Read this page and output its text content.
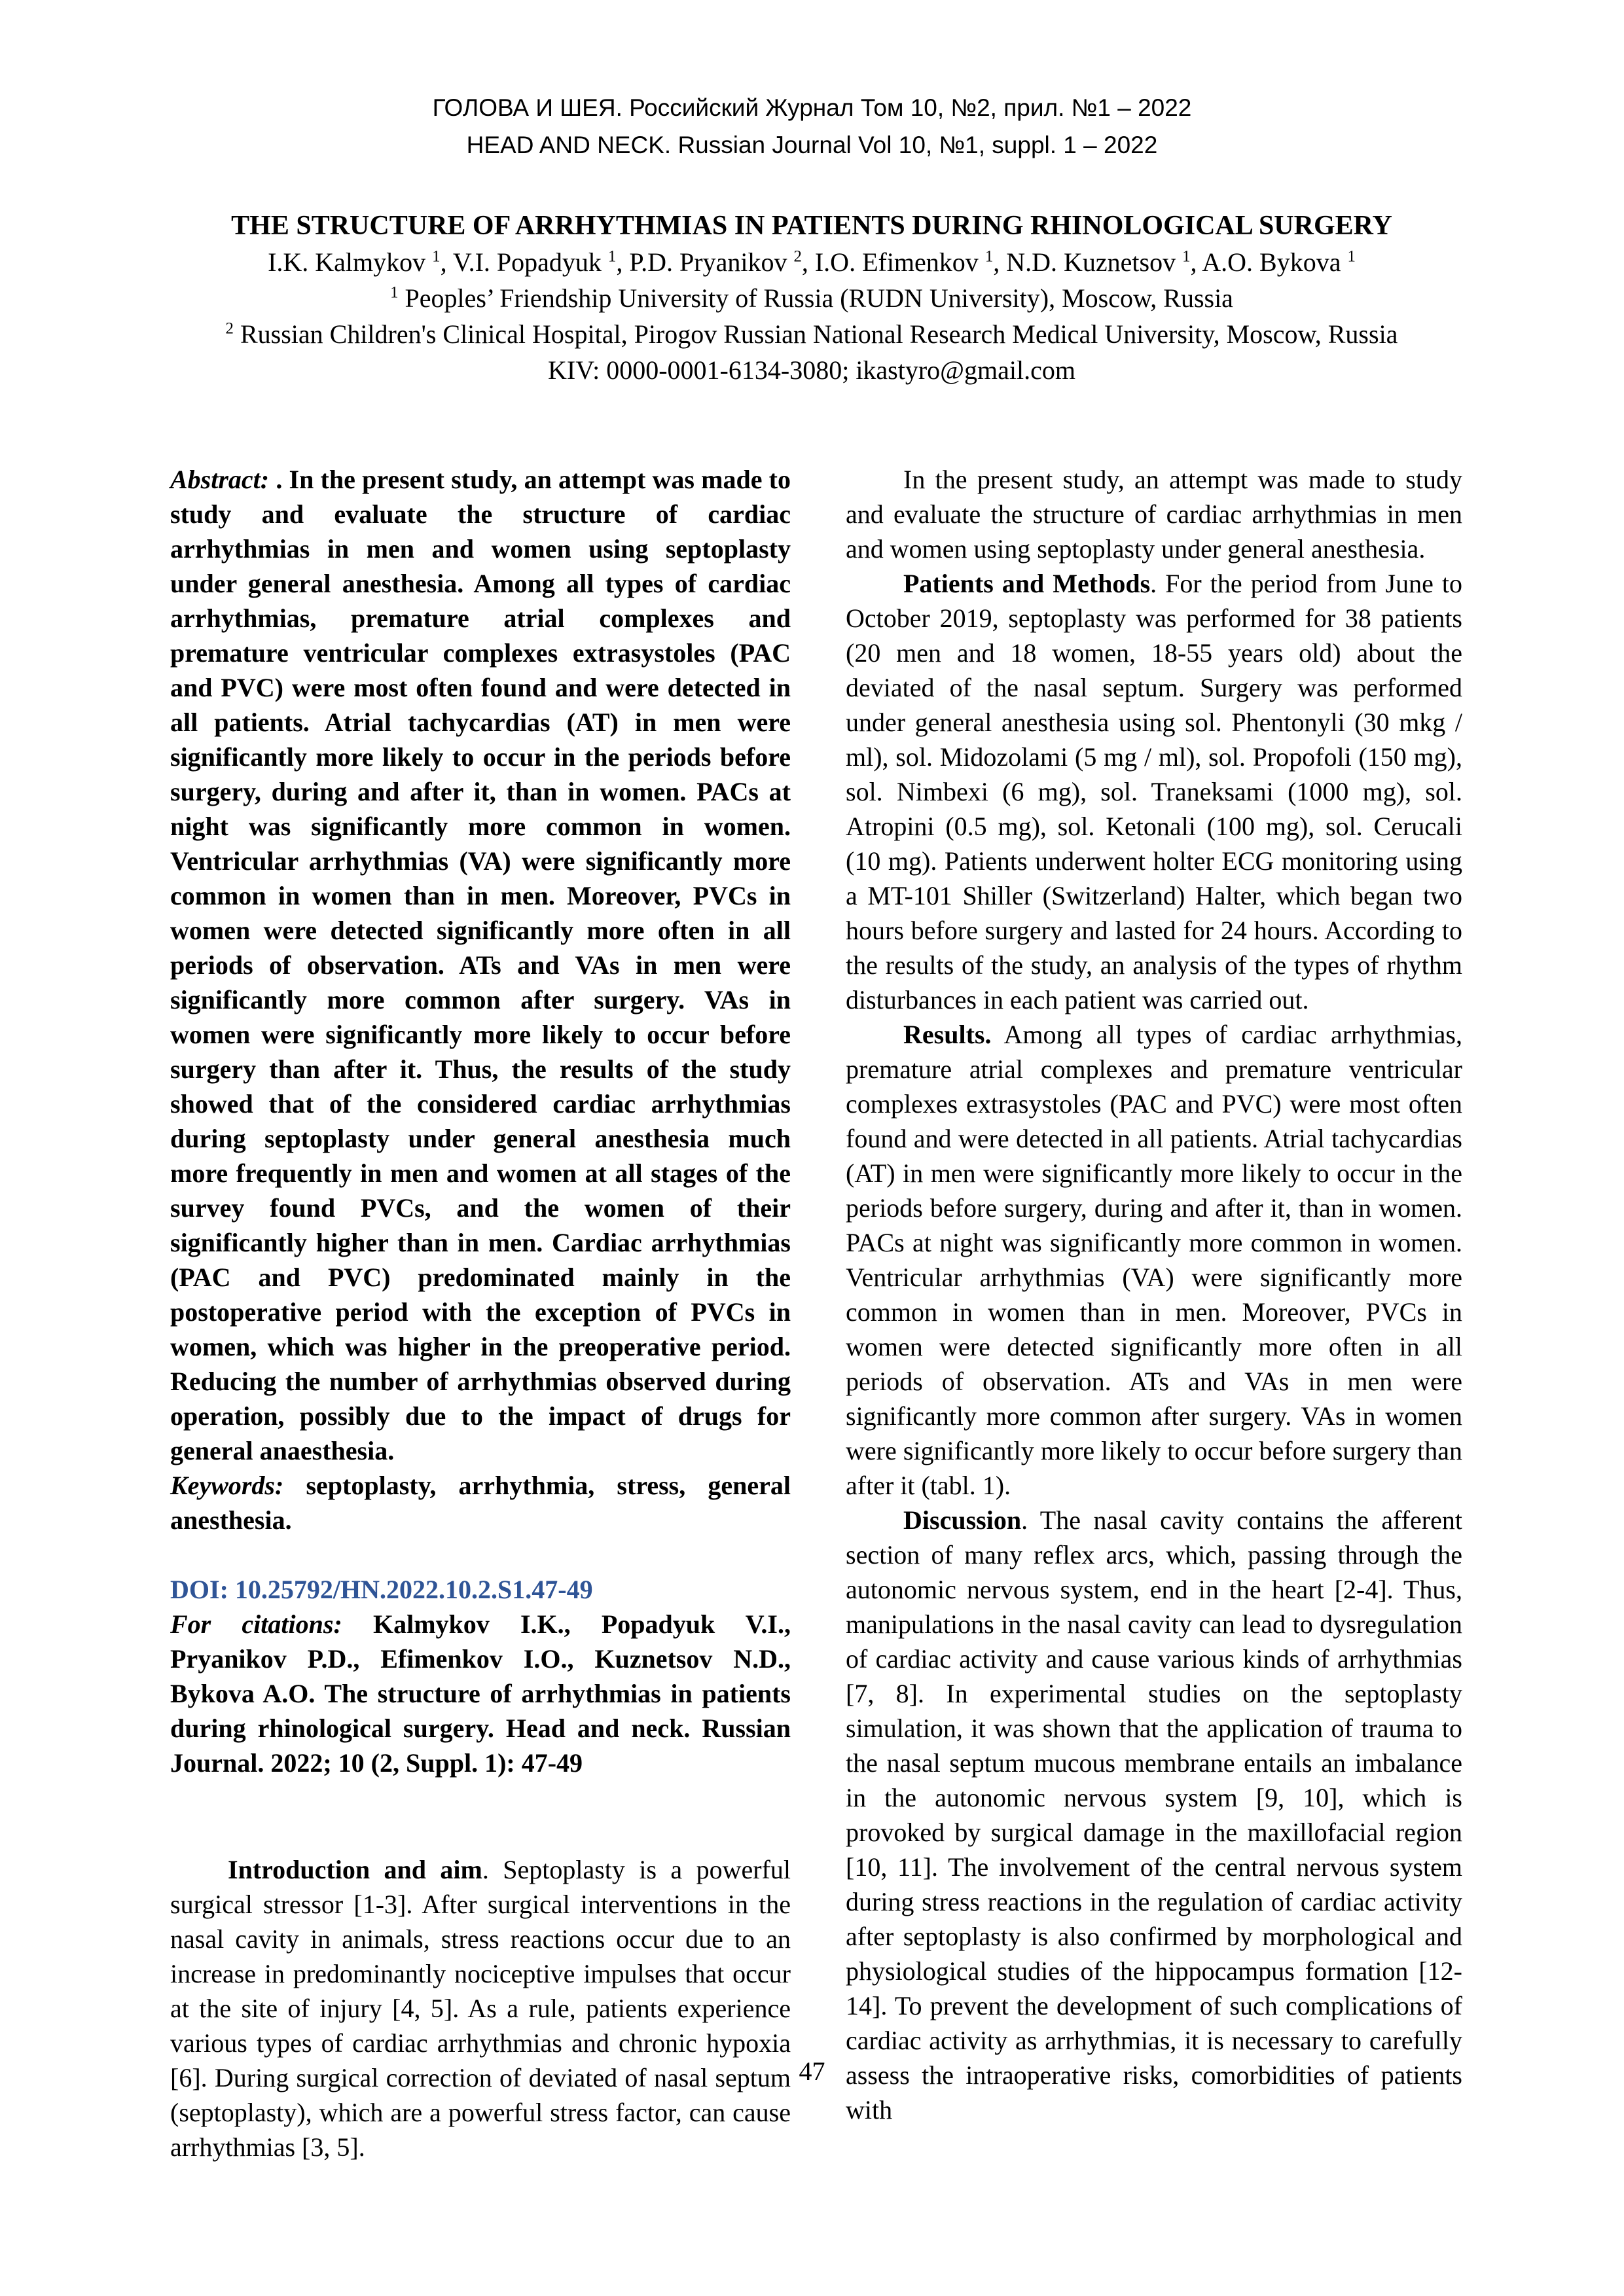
ГОЛОВА И ШЕЯ. Российский Журнал Том 10, №2, прил. №1 – 2022
HEAD AND NECK. Russian Journal Vol 10, №1, suppl. 1 – 2022
THE STRUCTURE OF ARRHYTHMIAS IN PATIENTS DURING RHINOLOGICAL SURGERY
I.K. Kalmykov $^1$, V.I. Popadyuk $^1$, P.D. Pryanikov $^2$, I.O. Efimenkov $^1$, N.D. Kuznetsov $^1$, A.O. Bykova $^1$
$^1$ Peoples’ Friendship University of Russia (RUDN University), Moscow, Russia
$^2$ Russian Children's Clinical Hospital, Pirogov Russian National Research Medical University, Moscow, Russia
KIV: 0000-0001-6134-3080; ikastyro@gmail.com

Abstract: . In the present study, an attempt was made to study and evaluate the structure of cardiac arrhythmias in men and women using septoplasty under general anesthesia. Among all types of cardiac arrhythmias, premature atrial complexes and premature ventricular complexes extrasystoles (PAC and PVC) were most often found and were detected in all patients. Atrial tachycardias (AT) in men were significantly more likely to occur in the periods before surgery, during and after it, than in women. PACs at night was significantly more common in women. Ventricular arrhythmias (VA) were significantly more common in women than in men. Moreover, PVCs in women were detected significantly more often in all periods of observation. ATs and VAs in men were significantly more common after surgery. VAs in women were significantly more likely to occur before surgery than after it. Thus, the results of the study showed that of the considered cardiac arrhythmias during septoplasty under general anesthesia much more frequently in men and women at all stages of the survey found PVCs, and the women of their significantly higher than in men. Cardiac arrhythmias (PAC and PVC) predominated mainly in the postoperative period with the exception of PVCs in women, which was higher in the preoperative period. Reducing the number of arrhythmias observed during operation, possibly due to the impact of drugs for general anaesthesia.

Keywords: septoplasty, arrhythmia, stress, general anesthesia.

DOI: 10.25792/HN.2022.10.2.S1.47-49

For citations: Kalmykov I.K., Popadyuk V.I., Pryanikov P.D., Efimenkov I.O., Kuznetsov N.D., Bykova A.O. The structure of arrhythmias in patients during rhinological surgery. Head and neck. Russian Journal. 2022; 10 (2, Suppl. 1): 47-49

Introduction and aim. Septoplasty is a powerful surgical stressor [1-3]. After surgical interventions in the nasal cavity in animals, stress reactions occur due to an increase in predominantly nociceptive impulses that occur at the site of injury [4, 5]. As a rule, patients experience various types of cardiac arrhythmias and chronic hypoxia [6]. During surgical correction of deviated of nasal septum (septoplasty), which are a powerful stress factor, can cause arrhythmias [3, 5].

In the present study, an attempt was made to study and evaluate the structure of cardiac arrhythmias in men and women using septoplasty under general anesthesia.

Patients and Methods. For the period from June to October 2019, septoplasty was performed for 38 patients (20 men and 18 women, 18-55 years old) about the deviated of the nasal septum. Surgery was performed under general anesthesia using sol. Phentonyli (30 mkg / ml), sol. Midozolami (5 mg / ml), sol. Propofoli (150 mg), sol. Nimbexi (6 mg), sol. Traneksami (1000 mg), sol. Atropini (0.5 mg), sol. Ketonali (100 mg), sol. Cerucali (10 mg). Patients underwent holter ECG monitoring using a MT-101 Shiller (Switzerland) Halter, which began two hours before surgery and lasted for 24 hours. According to the results of the study, an analysis of the types of rhythm disturbances in each patient was carried out.

Results. Among all types of cardiac arrhythmias, premature atrial complexes and premature ventricular complexes extrasystoles (PAC and PVC) were most often found and were detected in all patients. Atrial tachycardias (AT) in men were significantly more likely to occur in the periods before surgery, during and after it, than in women. PACs at night was significantly more common in women. Ventricular arrhythmias (VA) were significantly more common in women than in men. Moreover, PVCs in women were detected significantly more often in all periods of observation. ATs and VAs in men were significantly more common after surgery. VAs in women were significantly more likely to occur before surgery than after it (tabl. 1).

Discussion. The nasal cavity contains the afferent section of many reflex arcs, which, passing through the autonomic nervous system, end in the heart [2-4]. Thus, manipulations in the nasal cavity can lead to dysregulation of cardiac activity and cause various kinds of arrhythmias [7, 8]. In experimental studies on the septoplasty simulation, it was shown that the application of trauma to the nasal septum mucous membrane entails an imbalance in the autonomic nervous system [9, 10], which is provoked by surgical damage in the maxillofacial region [10, 11]. The involvement of the central nervous system during stress reactions in the regulation of cardiac activity after septoplasty is also confirmed by morphological and physiological studies of the hippocampus formation [12-14]. To prevent the development of such complications of cardiac activity as arrhythmias, it is necessary to carefully assess the intraoperative risks, comorbidities of patients with

47
